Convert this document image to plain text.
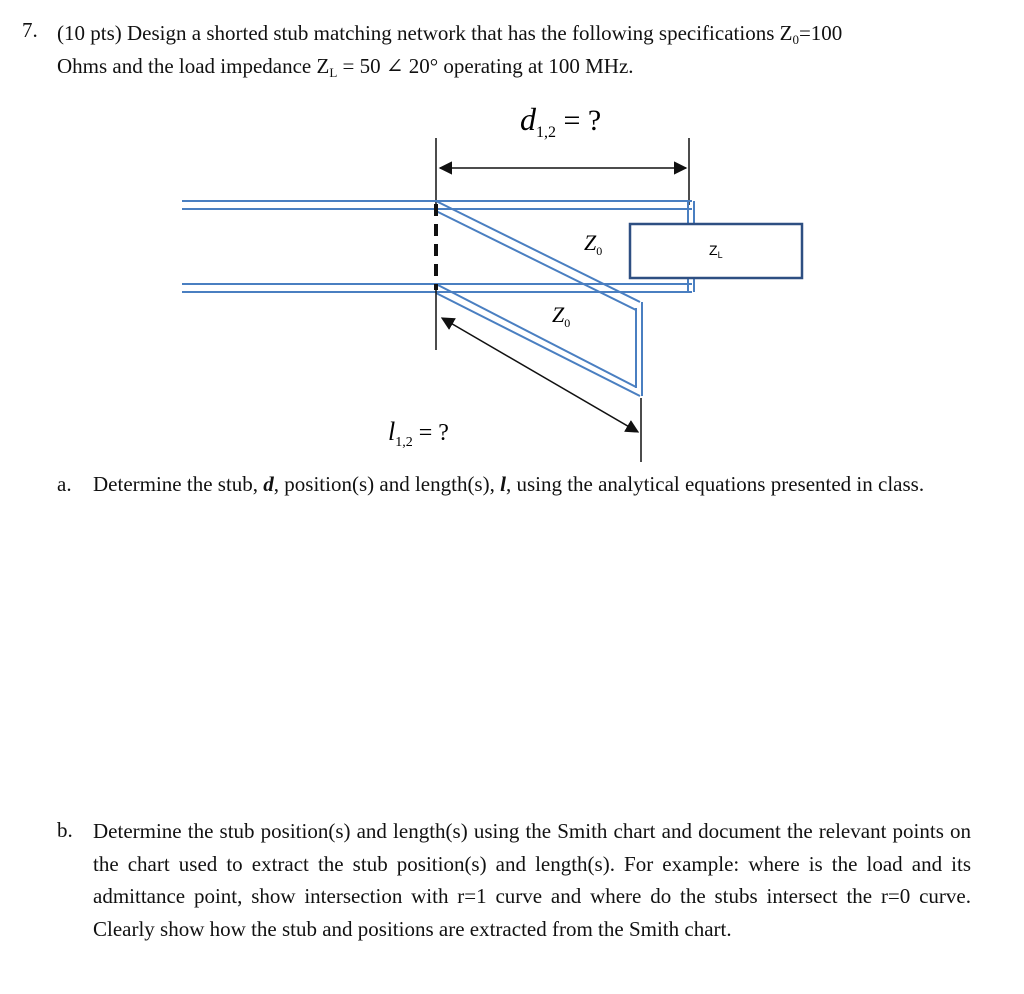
7. (10 pts) Design a shorted stub matching network that has the following specifications $Z_0=100$
Ohms and the load impedance $Z_L = 50$ ∠ 20° operating at 100 MHz.
$d_{1,2}$ = ?
$Z_0$
$Z_0$
$Z_L$
$l_{1,2}$ = ?
a. Determine the stub, d, position(s) and length(s), l, using the analytical equations presented in class.
b. Determine the stub position(s) and length(s) using the Smith chart and document the relevant points on the chart used to extract the stub position(s) and length(s). For example: where is the load and its admittance point, show intersection with r=1 curve and where do the stubs intersect the r=0 curve. Clearly show how the stub and positions are extracted from the Smith chart.
